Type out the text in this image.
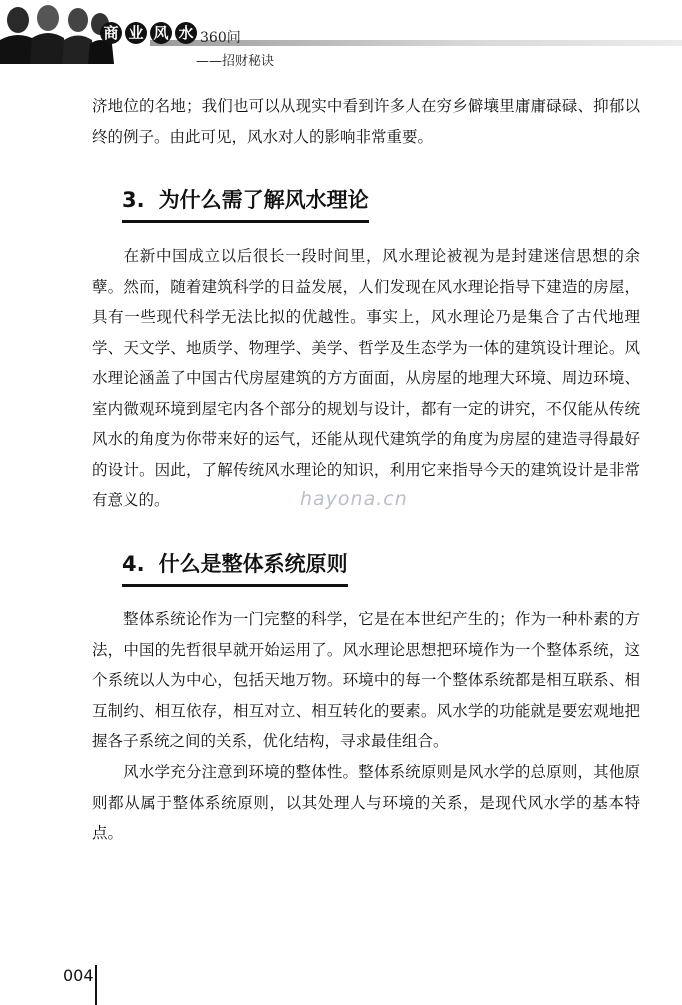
商 业 风 水 360问
——招财秘诀

济地位的名地；我们也可以从现实中看到许多人在穷乡僻壤里庸庸碌碌、抑郁以终的例子。由此可见，风水对人的影响非常重要。

3. 为什么需了解风水理论

在新中国成立以后很长一段时间里，风水理论被视为是封建迷信思想的余孽。然而，随着建筑科学的日益发展，人们发现在风水理论指导下建造的房屋，具有一些现代科学无法比拟的优越性。事实上，风水理论乃是集合了古代地理学、天文学、地质学、物理学、美学、哲学及生态学为一体的建筑设计理论。风水理论涵盖了中国古代房屋建筑的方方面面，从房屋的地理大环境、周边环境、室内微观环境到屋宅内各个部分的规划与设计，都有一定的讲究，不仅能从传统风水的角度为你带来好的运气，还能从现代建筑学的角度为房屋的建造寻得最好的设计。因此，了解传统风水理论的知识，利用它来指导今天的建筑设计是非常有意义的。	hayona.cn
4. 什么是整体系统原则

整体系统论作为一门完整的科学，它是在本世纪产生的；作为一种朴素的方法，中国的先哲很早就开始运用了。风水理论思想把环境作为一个整体系统，这个系统以人为中心，包括天地万物。环境中的每一个整体系统都是相互联系、相互制约、相互依存，相互对立、相互转化的要素。风水学的功能就是要宏观地把握各子系统之间的关系，优化结构，寻求最佳组合。

风水学充分注意到环境的整体性。整体系统原则是风水学的总原则，其他原则都从属于整体系统原则，以其处理人与环境的关系，是现代风水学的基本特点。

004
